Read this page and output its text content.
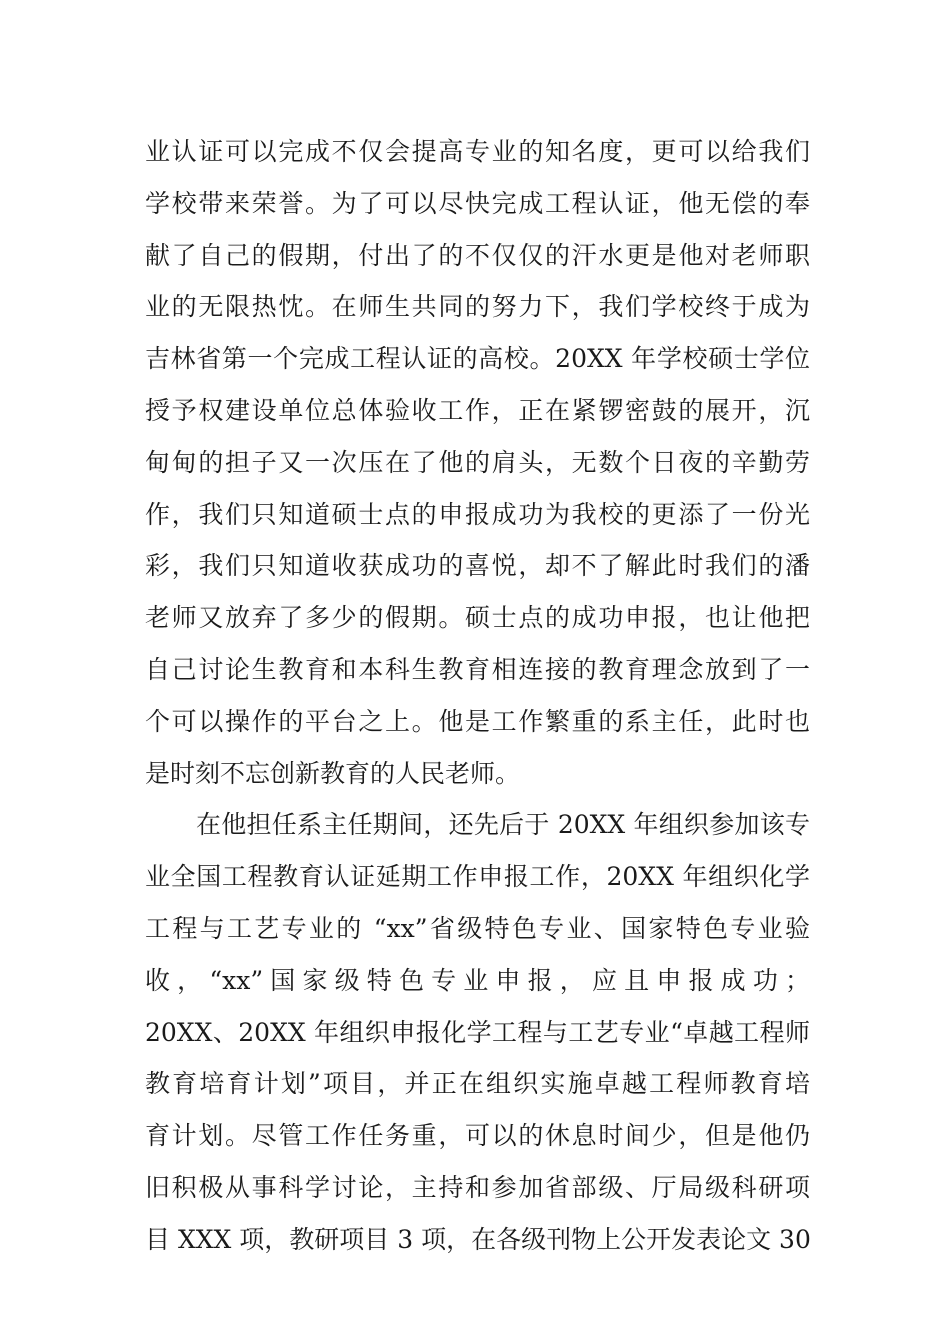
业认证可以完成不仅会提高专业的知名度，更可以给我们
学校带来荣誉。为了可以尽快完成工程认证，他无偿的奉
献了自己的假期，付出了的不仅仅的汗水更是他对老师职
业的无限热忱。在师生共同的努力下，我们学校终于成为
吉林省第一个完成工程认证的高校。20XX 年学校硕士学位
授予权建设单位总体验收工作，正在紧锣密鼓的展开，沉
甸甸的担子又一次压在了他的肩头，无数个日夜的辛勤劳
作，我们只知道硕士点的申报成功为我校的更添了一份光
彩，我们只知道收获成功的喜悦，却不了解此时我们的潘
老师又放弃了多少的假期。硕士点的成功申报，也让他把
自己讨论生教育和本科生教育相连接的教育理念放到了一
个可以操作的平台之上。他是工作繁重的系主任，此时也
是时刻不忘创新教育的人民老师。
在他担任系主任期间，还先后于 20XX 年组织参加该专
业全国工程教育认证延期工作申报工作，20XX 年组织化学
工程与工艺专业的 “xx”省级特色专业、国家特色专业验
收，“xx”国家级特色专业申报，应且申报成功；
20XX、20XX 年组织申报化学工程与工艺专业“卓越工程师
教育培育计划”项目，并正在组织实施卓越工程师教育培
育计划。尽管工作任务重，可以的休息时间少，但是他仍
旧积极从事科学讨论，主持和参加省部级、厅局级科研项
目 XXX 项，教研项目 3 项，在各级刊物上公开发表论文 30
